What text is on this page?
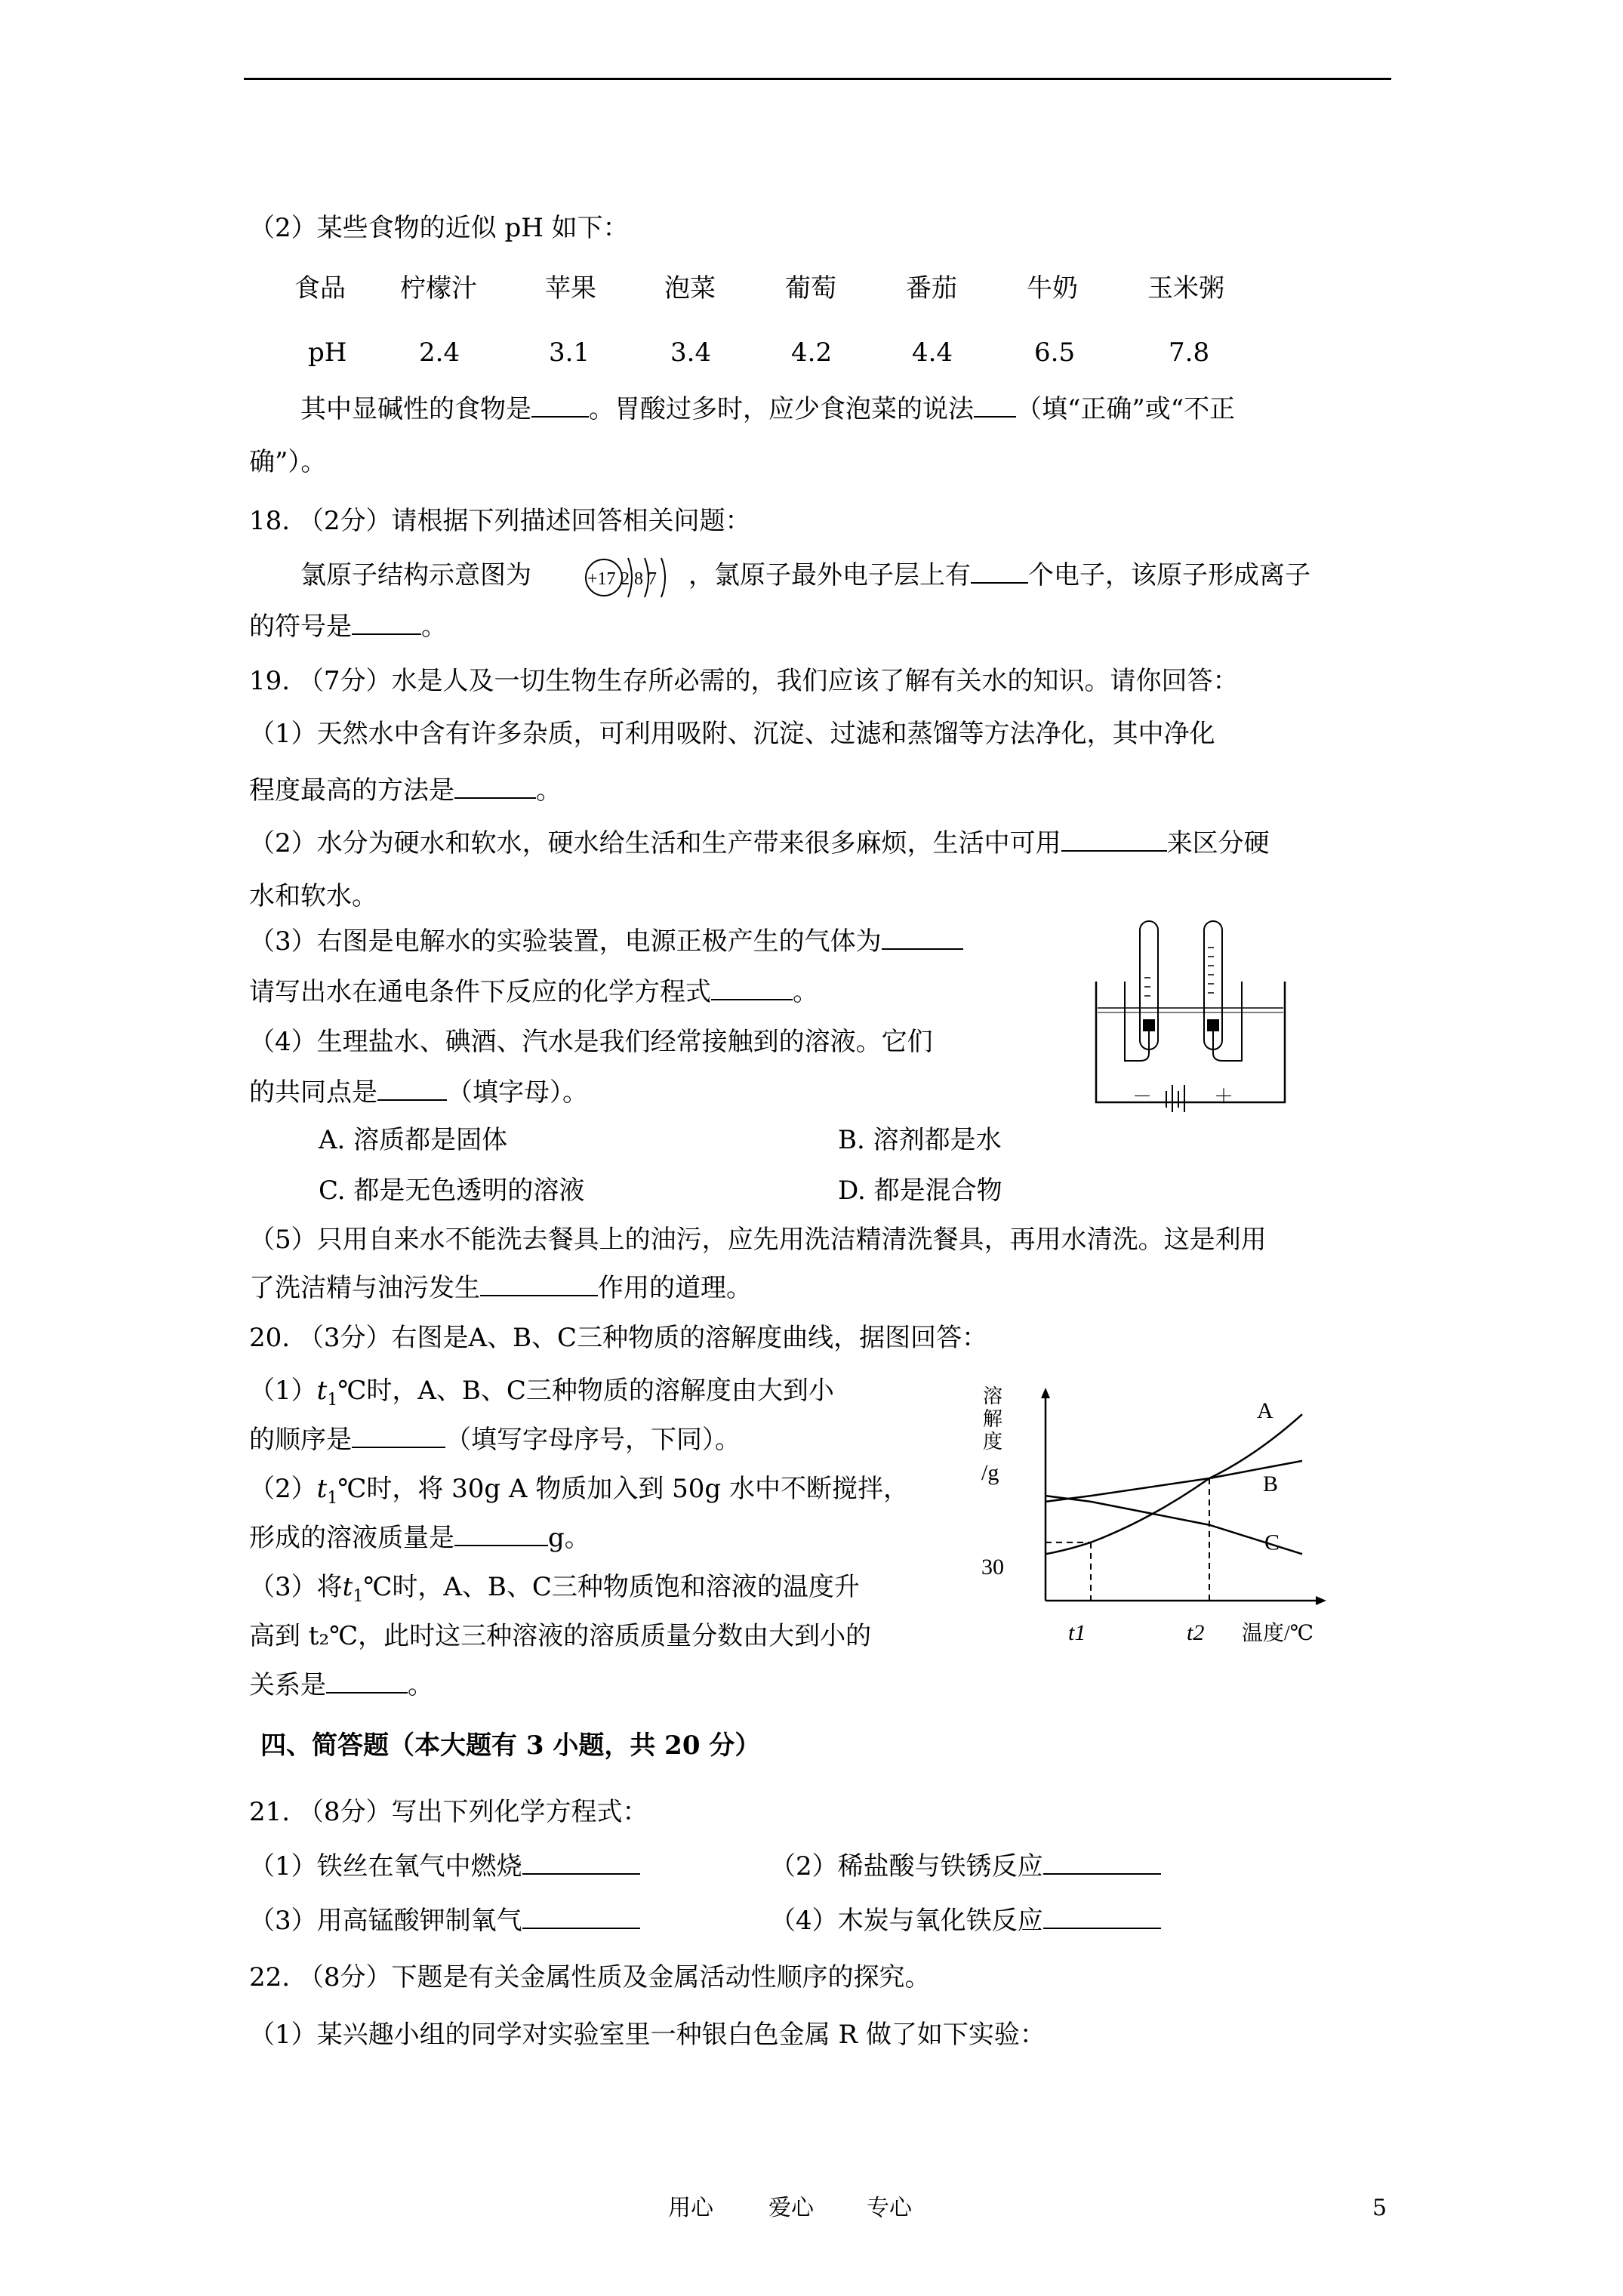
（2）某些食物的近似 pH 如下：
食品 柠檬汁	苹果	泡菜	葡萄	番茄	牛奶	玉米粥
pH	2.4	3.1	3.4	4.2	4.4	6.5	7.8
其中显碱性的食物是 。胃酸过多时，应少食泡菜的说法 （填“正确”或“不正
确”）。
18. （2分）请根据下列描述回答相关问题：
氯原子结构示意图为	+17 2 8 7 ，氯原子最外电子层上有 个电子，该原子形成离子
的符号是	。
19. （7分）水是人及一切生物生存所必需的，我们应该了解有关水的知识。请你回答：
（1）天然水中含有许多杂质，可利用吸附、沉淀、过滤和蒸馏等方法净化，其中净化
程度最高的方法是	。
（2）水分为硬水和软水，硬水给生活和生产带来很多麻烦，生活中可用	来区分硬
水和软水。
（3）右图是电解水的实验装置，电源正极产生的气体为
请写出水在通电条件下反应的化学方程式	。
（4）生理盐水、碘酒、汽水是我们经常接触到的溶液。它们
的共同点是	（填字母）。
A. 溶质都是固体	B. 溶剂都是水
C. 都是无色透明的溶液	D. 都是混合物
（5）只用自来水不能洗去餐具上的油污，应先用洗洁精清洗餐具，再用水清洗。这是利用
了洗洁精与油污发生	作用的道理。
－	＋
20. （3分）右图是A、B、C三种物质的溶解度曲线，据图回答：
$(1)t_1℃$时，A、B、C三种物质的溶解度由大到小
的顺序是	（填写字母序号，下同）。
$(2)t_1℃$时，将 30g A 物质加入到 50g 水中不断搅拌，
形成的溶液质量是	g。
（3）将$t_1℃$时，A、B、C三种物质饱和溶液的温度升
高到 t₂℃，此时这三种溶液的溶质质量分数由大到小的
关系是	。
溶
解
度
/g
30
温度/℃
t1	t2
A
B
C
四、简答题（本大题有 3 小题，共 20 分）
21. （8分）写出下列化学方程式：
（1）铁丝在氧气中燃烧	（2）稀盐酸与铁锈反应
（3）用高锰酸钾制氧气	（4）木炭与氧化铁反应
22. （8分）下题是有关金属性质及金属活动性顺序的探究。
（1）某兴趣小组的同学对实验室里一种银白色金属 R 做了如下实验：
用心 爱心 专心	5
